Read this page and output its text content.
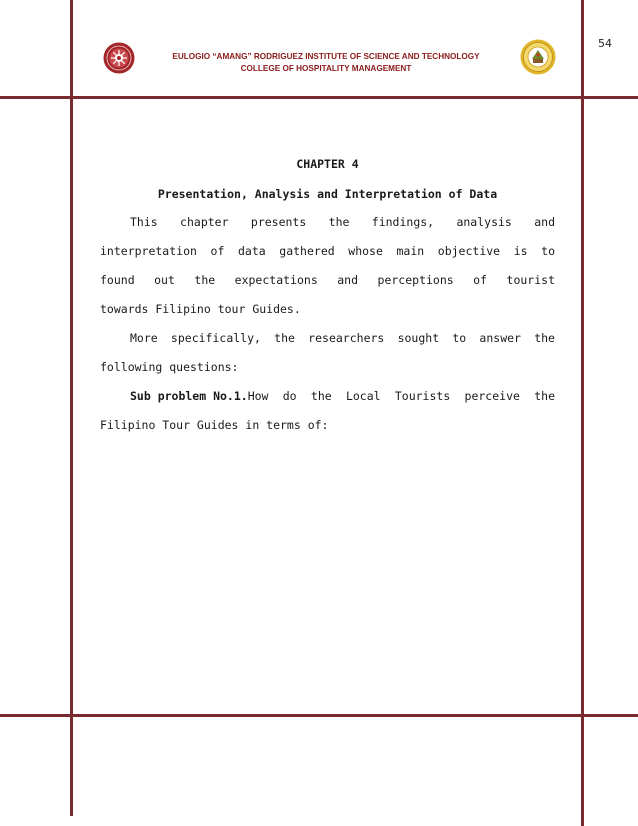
54
EULOGIO “AMANG” RODRIGUEZ INSTITUTE OF SCIENCE AND TECHNOLOGY
COLLEGE OF HOSPITALITY MANAGEMENT
CHAPTER 4
Presentation, Analysis and Interpretation of Data
This chapter presents the findings, analysis and
interpretation of data gathered whose main objective is to
found out the expectations and perceptions of tourist
towards Filipino tour Guides.
More specifically, the researchers sought to answer the
following questions:
Sub problem No.1. How do the Local Tourists perceive the
Filipino Tour Guides in terms of:
